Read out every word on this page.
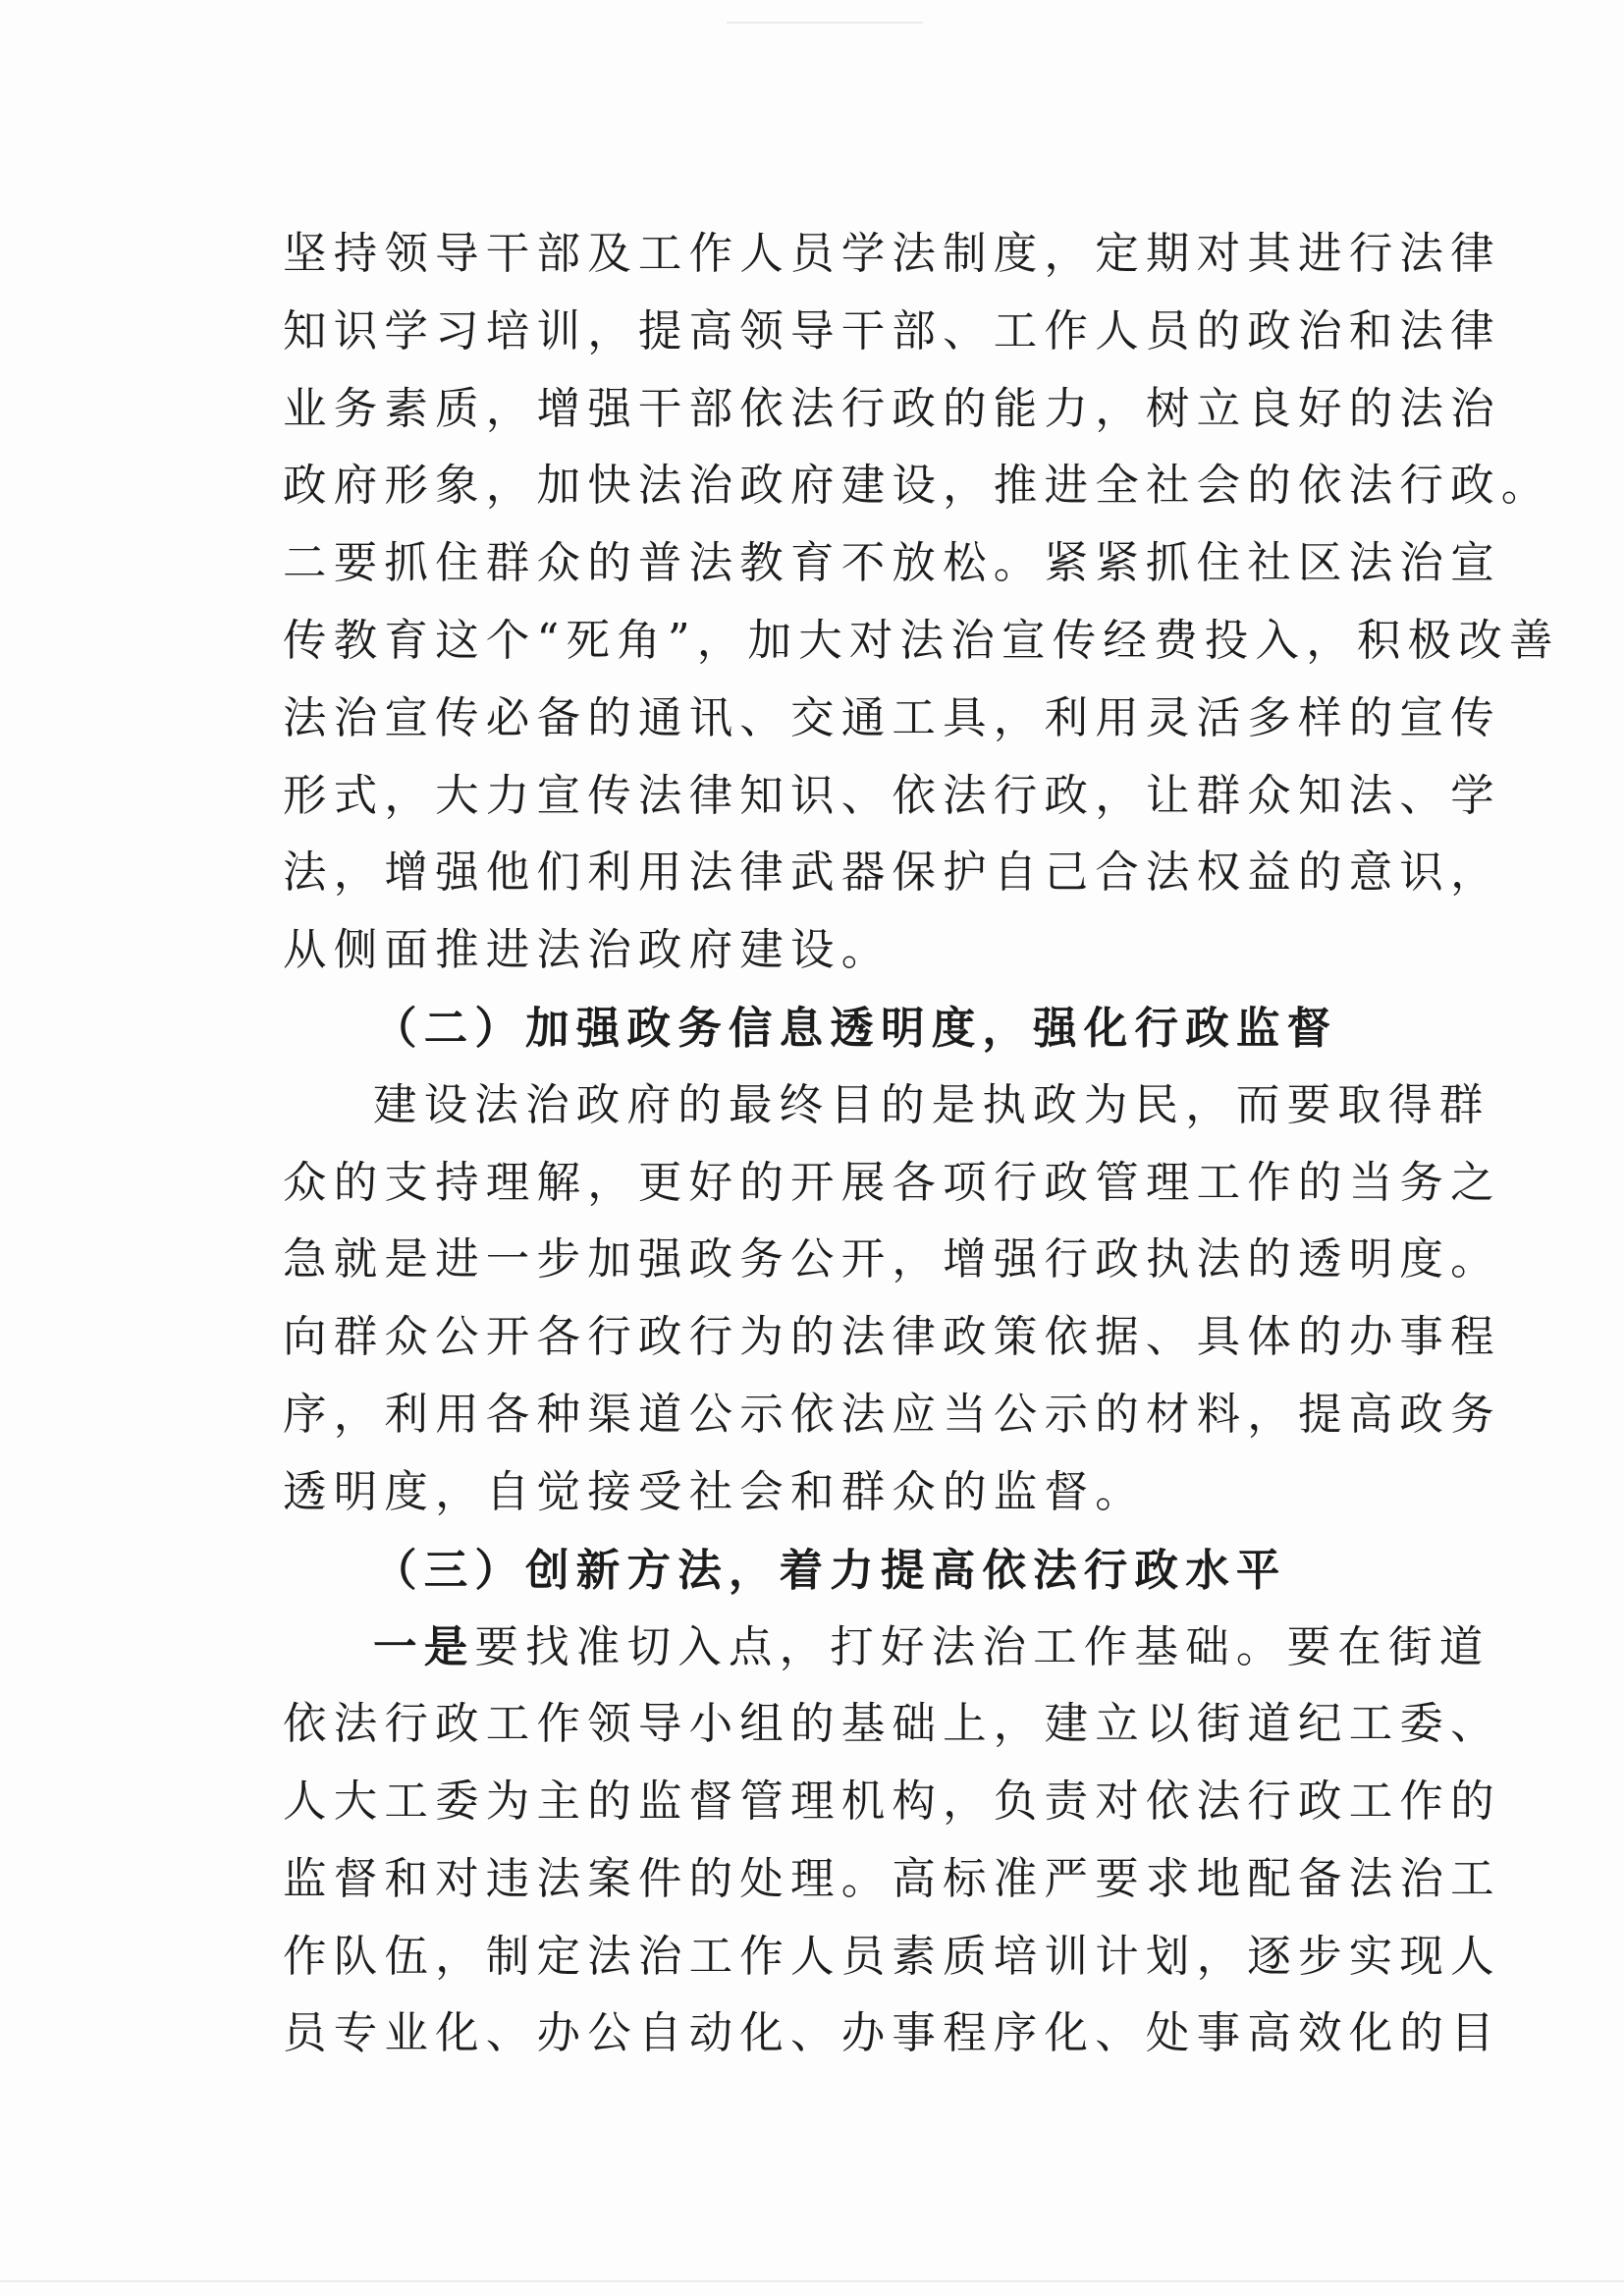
坚持领导干部及工作人员学法制度，定期对其进行法律
知识学习培训，提高领导干部、工作人员的政治和法律
业务素质，增强干部依法行政的能力，树立良好的法治
政府形象，加快法治政府建设，推进全社会的依法行政。
二要抓住群众的普法教育不放松。紧紧抓住社区法治宣
传教育这个“死角”，加大对法治宣传经费投入，积极改善
法治宣传必备的通讯、交通工具，利用灵活多样的宣传
形式，大力宣传法律知识、依法行政，让群众知法、学
法，增强他们利用法律武器保护自己合法权益的意识，
从侧面推进法治政府建设。
（二）加强政务信息透明度，强化行政监督
建设法治政府的最终目的是执政为民，而要取得群
众的支持理解，更好的开展各项行政管理工作的当务之
急就是进一步加强政务公开，增强行政执法的透明度。
向群众公开各行政行为的法律政策依据、具体的办事程
序，利用各种渠道公示依法应当公示的材料，提高政务
透明度，自觉接受社会和群众的监督。
（三）创新方法，着力提高依法行政水平
一是要找准切入点，打好法治工作基础。要在街道
依法行政工作领导小组的基础上，建立以街道纪工委、
人大工委为主的监督管理机构，负责对依法行政工作的
监督和对违法案件的处理。高标准严要求地配备法治工
作队伍，制定法治工作人员素质培训计划，逐步实现人
员专业化、办公自动化、办事程序化、处事高效化的目
